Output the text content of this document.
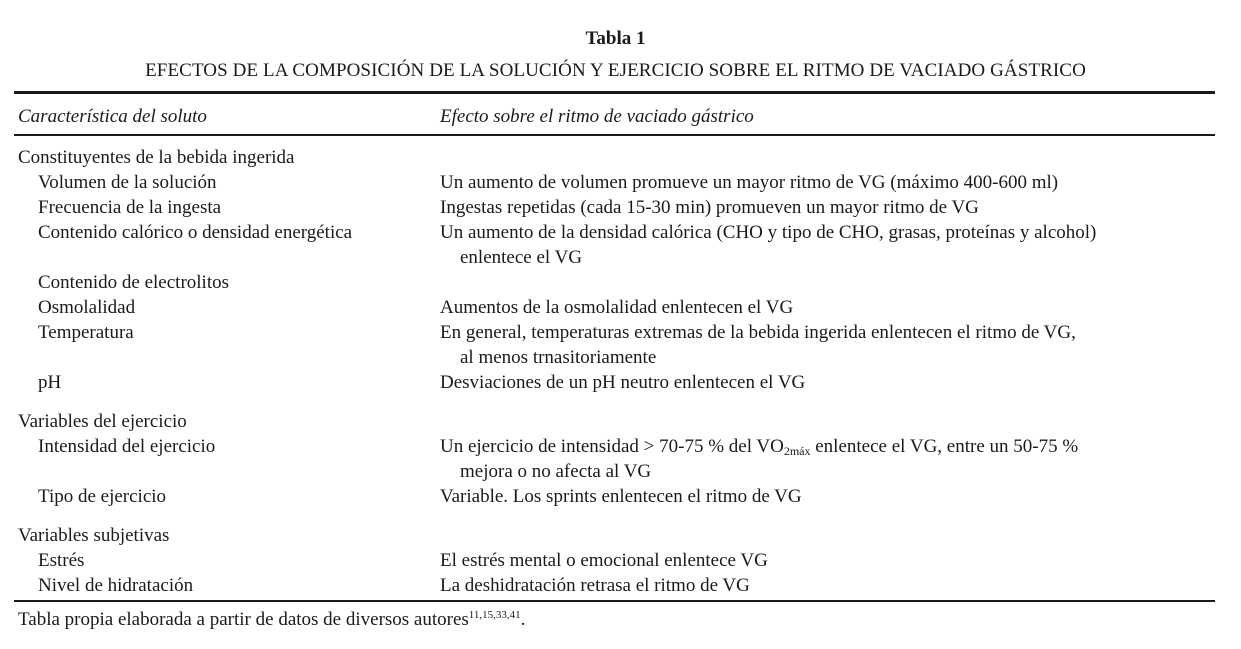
Tabla 1
EFECTOS DE LA COMPOSICIÓN DE LA SOLUCIÓN Y EJERCICIO SOBRE EL RITMO DE VACIADO GÁSTRICO
Característica del soluto	Efecto sobre el ritmo de vaciado gástrico
Constituyentes de la bebida ingerida
Volumen de la solución	Un aumento de volumen promueve un mayor ritmo de VG (máximo 400-600 ml)
Frecuencia de la ingesta	Ingestas repetidas (cada 15-30 min) promueven un mayor ritmo de VG
Contenido calórico o densidad energética	Un aumento de la densidad calórica (CHO y tipo de CHO, grasas, proteínas y alcohol)
enlentece el VG
Contenido de electrolitos
Osmolalidad	Aumentos de la osmolalidad enlentecen el VG
Temperatura	En general, temperaturas extremas de la bebida ingerida enlentecen el ritmo de VG,
al menos trnasitoriamente
pH	Desviaciones de un pH neutro enlentecen el VG
Variables del ejercicio
Intensidad del ejercicio	Un ejercicio de intensidad > 70-75 % del $VO_{2máx}$ enlentece el VG, entre un 50-75 %
mejora o no afecta al VG
Tipo de ejercicio	Variable. Los sprints enlentecen el ritmo de VG
Variables subjetivas
Estrés	El estrés mental o emocional enlentece VG
Nivel de hidratación	La deshidratación retrasa el ritmo de VG
Tabla propia elaborada a partir de datos de diversos autores$^{11,15,33,41}$.
